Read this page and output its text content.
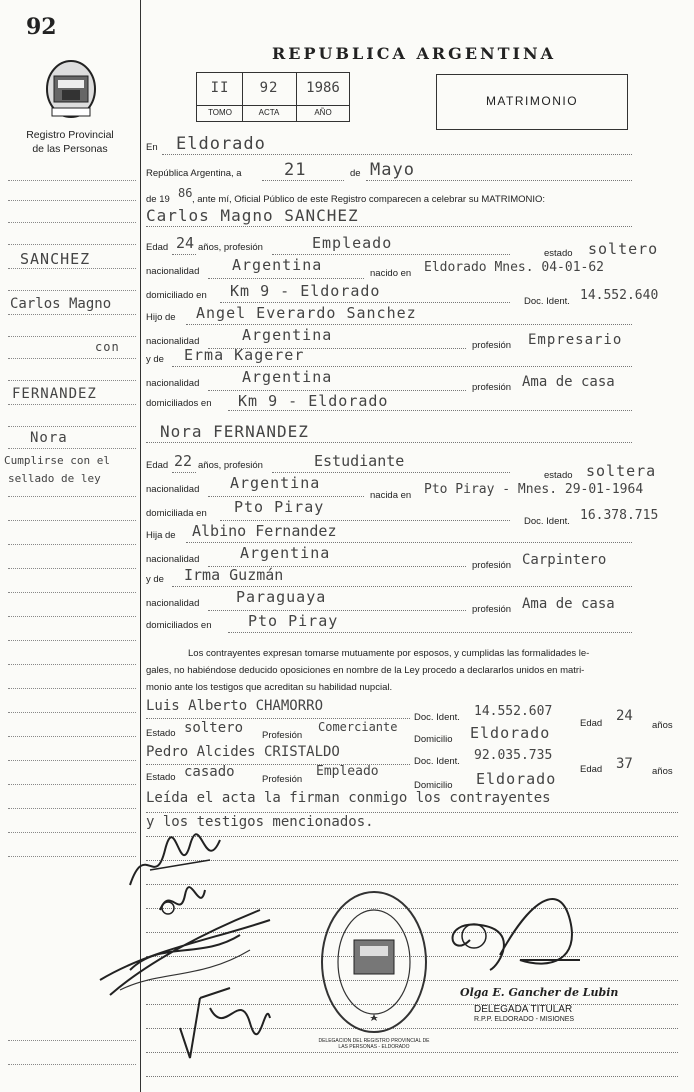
92
Registro Provincial
de las Personas
SANCHEZ
Carlos Magno
con
FERNANDEZ
Nora
Cumplirse con el
sellado de ley
REPUBLICA ARGENTINA
II	92	1986
TOMO	ACTA	AÑO
MATRIMONIO
En Eldorado
República Argentina, a 21	de Mayo
de 19 86 , ante mí, Oficial Público de este Registro comparecen a celebrar su MATRIMONIO:
Carlos Magno SANCHEZ
Edad 24 años, profesión	Empleado
estado soltero
nacionalidad Argentina	nacido en Eldorado Mnes. 04-01-62
domiciliado en Km 9 - Eldorado
Doc. Ident. 14.552.640
Hijo de Angel Everardo Sanchez
nacionalidad	Argentina
profesión Empresario
y de Erma Kagerer
nacionalidad	Argentina
profesión Ama de casa
domiciliados en Km 9 - Eldorado
Nora FERNANDEZ
Edad 22 años, profesión	Estudiante
estado soltera
nacionalidad Argentina
nacida en Pto Piray - Mnes. 29-01-1964
domiciliada en Pto Piray
Doc. Ident. 16.378.715
Hija de Albino Fernandez
nacionalidad	Argentina
profesión Carpintero
y de Irma Guzmán
nacionalidad Paraguaya
profesión Ama de casa
domiciliados en Pto Piray
Los contrayentes expresan tomarse mutuamente por esposos, y cumplidas las formalidades le-
gales, no habiéndose deducido oposiciones en nombre de la Ley procedo a declararlos unidos en matri-
monio ante los testigos que acreditan su habilidad nupcial.
Luis Alberto CHAMORRO
Doc. Ident. 14.552.607
Edad 24
años
Estado soltero Profesión
Comerciante
Domicilio Eldorado
Pedro Alcides CRISTALDO
Doc. Ident. 92.035.735
Edad 37 años
Estado casado	Profesión
Empleado
Domicilio Eldorado
Leída el acta la firman conmigo los contrayentes
y los testigos mencionados.
DELEGACION DEL REGISTRO PROVINCIAL DE LAS PERSONAS - ELDORADO
Olga E. Gancher de Lubin
DELEGADA TITULAR
R.P.P. ELDORADO - MISIONES
